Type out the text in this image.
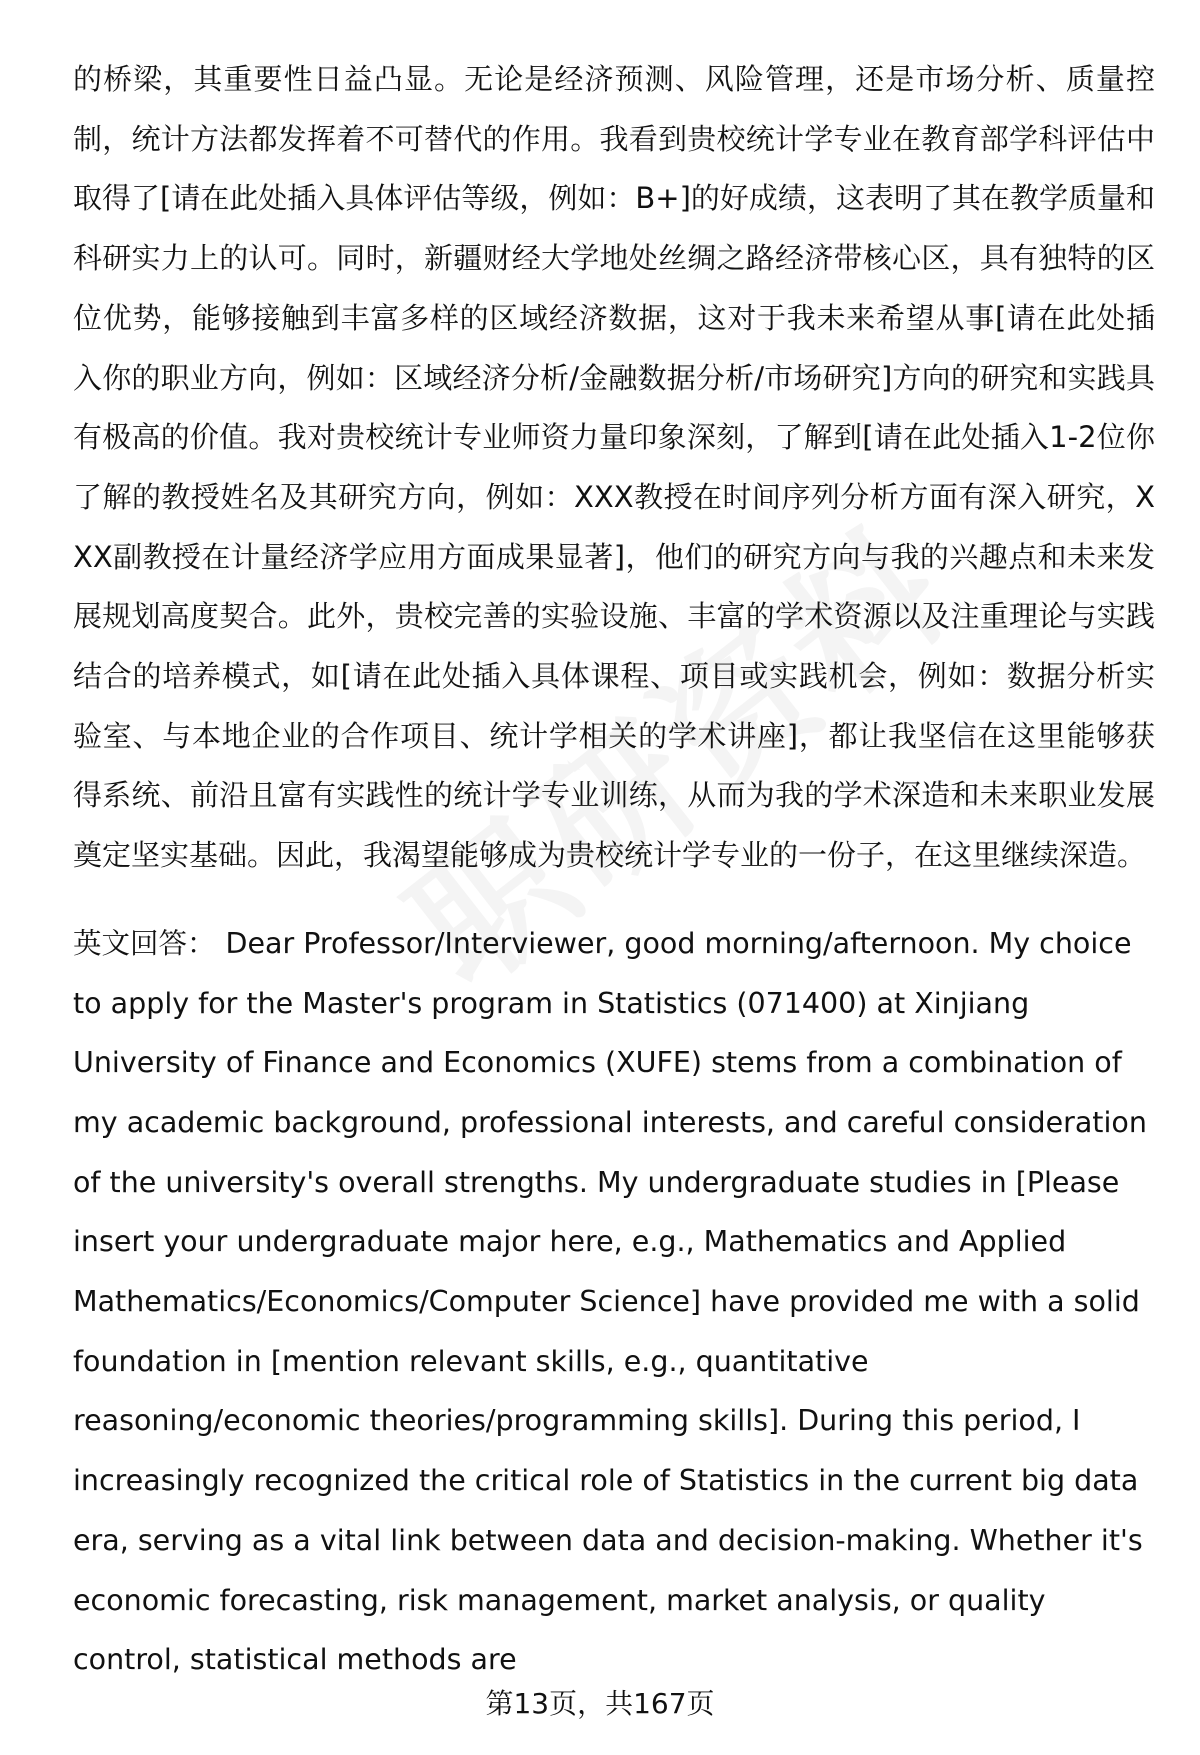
的桥梁，其重要性日益凸显。无论是经济预测、风险管理，还是市场分析、质量控制，统计方法都发挥着不可替代的作用。我看到贵校统计学专业在教育部学科评估中取得了[请在此处插入具体评估等级，例如：B+]的好成绩，这表明了其在教学质量和科研实力上的认可。同时，新疆财经大学地处丝绸之路经济带核心区，具有独特的区位优势，能够接触到丰富多样的区域经济数据，这对于我未来希望从事[请在此处插入你的职业方向，例如：区域经济分析/金融数据分析/市场研究]方向的研究和实践具有极高的价值。我对贵校统计专业师资力量印象深刻，了解到[请在此处插入1-2位你了解的教授姓名及其研究方向，例如：XXX教授在时间序列分析方面有深入研究，XXX副教授在计量经济学应用方面成果显著]，他们的研究方向与我的兴趣点和未来发展规划高度契合。此外，贵校完善的实验设施、丰富的学术资源以及注重理论与实践结合的培养模式，如[请在此处插入具体课程、项目或实践机会，例如：数据分析实验室、与本地企业的合作项目、统计学相关的学术讲座]，都让我坚信在这里能够获得系统、前沿且富有实践性的统计学专业训练，从而为我的学术深造和未来职业发展奠定坚实基础。因此，我渴望能够成为贵校统计学专业的一份子，在这里继续深造。

英文回答： Dear Professor/Interviewer, good morning/afternoon. My choice to apply for the Master's program in Statistics (071400) at Xinjiang University of Finance and Economics (XUFE) stems from a combination of my academic background, professional interests, and careful consideration of the university's overall strengths. My undergraduate studies in [Please insert your undergraduate major here, e.g., Mathematics and Applied Mathematics/Economics/Computer Science] have provided me with a solid foundation in [mention relevant skills, e.g., quantitative reasoning/economic theories/programming skills]. During this period, I increasingly recognized the critical role of Statistics in the current big data era, serving as a vital link between data and decision-making. Whether it's economic forecasting, risk management, market analysis, or quality control, statistical methods are

第13页，共167页
